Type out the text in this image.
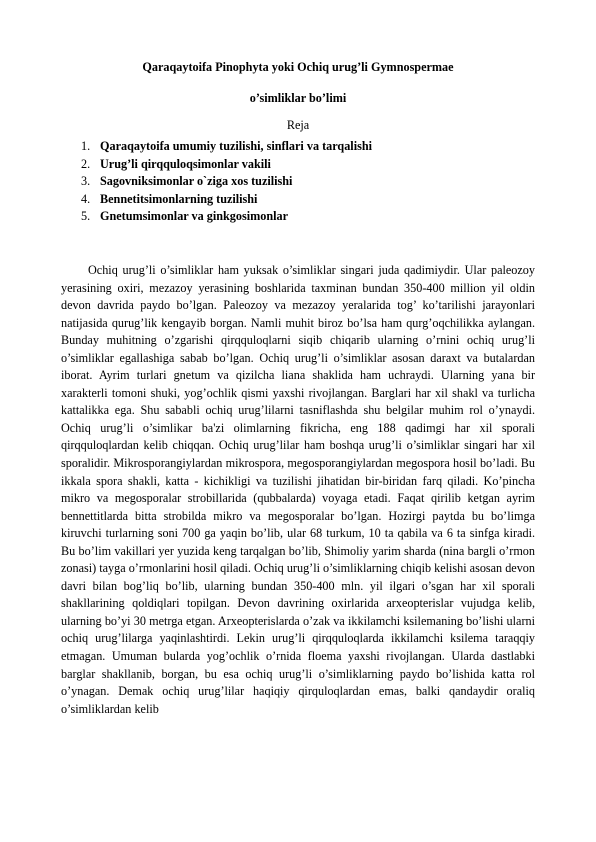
Qaraqaytoifa Pinophyta yoki Ochiq urug’li Gymnospermae
o’simliklar bo’limi
Reja
1. Qaraqaytoifa umumiy tuzilishi, sinflari va tarqalishi
2. Urug’li qirqquloqsimonlar vakili
3. Sagovniksimonlar o`ziga xos tuzilishi
4. Bennetitsimonlarning tuzilishi
5. Gnetumsimonlar va ginkgosimonlar

Ochiq urug’li o’simliklar ham yuksak o’simliklar singari juda qadimiydir. Ular paleozoy yerasining oxiri, mezazoy yerasining boshlarida taxminan bundan 350-400 million yil oldin devon davrida paydo bo’lgan. Paleozoy va mezazoy yeralarida tog’ ko’tarilishi jarayonlari natijasida qurug’lik kengayib borgan. Namli muhit biroz bo’lsa ham qurg’oqchilikka aylangan. Bunday muhitning o’zgarishi qirqquloqlarni siqib chiqarib ularning o’rnini ochiq urug’li o’simliklar egallashiga sabab bo’lgan. Ochiq urug’li o’simliklar asosan daraxt va butalardan iborat. Ayrim turlari gnetum va qizilcha liana shaklida ham uchraydi. Ularning yana bir xarakterli tomoni shuki, yog’ochlik qismi yaxshi rivojlangan. Barglari har xil shakl va turlicha kattalikka ega. Shu sababli ochiq urug’lilarni tasniflashda shu belgilar muhim rol o’ynaydi. Ochiq urug’li o’simlikar ba'zi olimlarning fikricha, eng 188 qadimgi har xil sporali qirqquloqlardan kelib chiqqan. Ochiq urug’lilar ham boshqa urug’li o’simliklar singari har xil sporalidir. Mikrosporangiylardan mikrospora, megosporangiylardan megospora hosil bo’ladi. Bu ikkala spora shakli, katta - kichikligi va tuzilishi jihatidan bir-biridan farq qiladi. Ko’pincha mikro va megosporalar strobillarida (qubbalarda) voyaga etadi. Faqat qirilib ketgan ayrim bennettitlarda bitta strobilda mikro va megosporalar bo’lgan. Hozirgi paytda bu bo’limga kiruvchi turlarning soni 700 ga yaqin bo’lib, ular 68 turkum, 10 ta qabila va 6 ta sinfga kiradi. Bu bo’lim vakillari yer yuzida keng tarqalgan bo’lib, Shimoliy yarim sharda (nina bargli o’rmon zonasi) tayga o’rmonlarini hosil qiladi. Ochiq urug’li o’simliklarning chiqib kelishi asosan devon davri bilan bog’liq bo’lib, ularning bundan 350-400 mln. yil ilgari o’sgan har xil sporali shakllarining qoldiqlari topilgan. Devon davrining oxirlarida arxeopterislar vujudga kelib, ularning bo’yi 30 metrga etgan. Arxeopterislarda o’zak va ikkilamchi ksilemaning bo’lishi ularni ochiq urug’lilarga yaqinlashtirdi. Lekin urug’li qirqquloqlarda ikkilamchi ksilema taraqqiy etmagan. Umuman bularda yog’ochlik o’rnida floema yaxshi rivojlangan. Ularda dastlabki barglar shakllanib, borgan, bu esa ochiq urug’li o’simliklarning paydo bo’lishida katta rol o’ynagan. Demak ochiq urug’lilar haqiqiy qirquloqlardan emas, balki qandaydir oraliq o’simliklardan kelib
